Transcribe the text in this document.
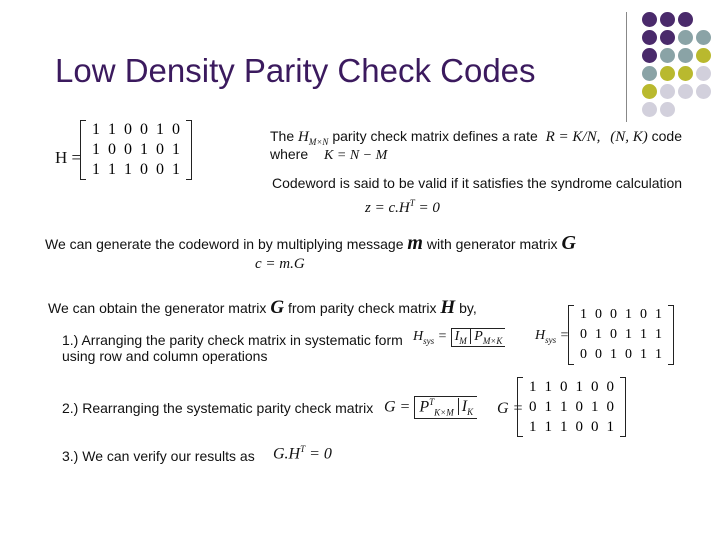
Low Density Parity Check Codes
H =
1	1	0	0	1	0
1	0	0	1	0	1
1	1	1	0	0	1
The $H_{M\times N}$ parity check matrix defines a rate R = K/N, (N, K) code
where K = N − M
Codeword is said to be valid if it satisfies the syndrome calculation
$z = c.H^T = 0$
We can generate the codeword in by multiplying message m with generator matrix G
c = m.G
We can obtain the generator matrix G from parity check matrix H by,
1.) Arranging the parity check matrix in systematic form
using row and column operations
$H_{sys} = I_M$ $P_{M\times K}$ $H_{sys}$ =
1	0	0	1	0	1
0	1	0	1	1	1
0	0	1	0	1	1
2.) Rearranging the systematic parity check matrix $G = P^T_{K\times M}$ $I_K$ G =
1	1	0	1	0	0
0	1	1	0	1	0
1	1	1	0	0	1
3.) We can verify our results as $G.H^T = 0$
